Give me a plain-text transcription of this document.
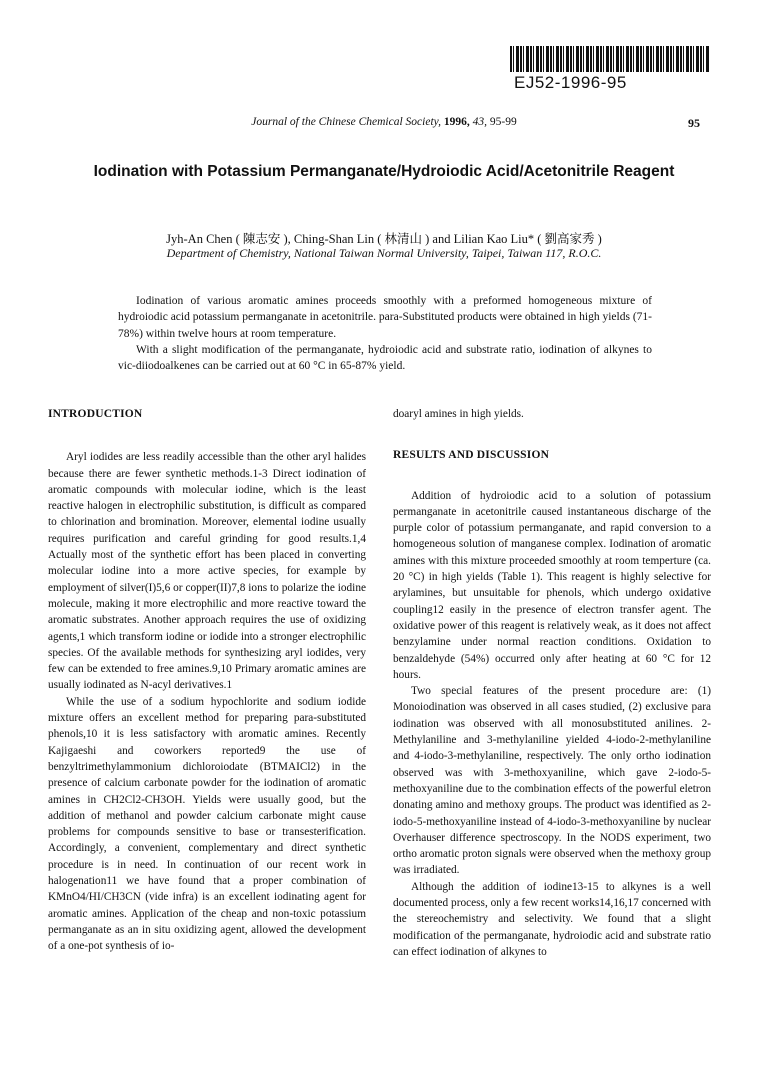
EJ52-1996-95
Journal of the Chinese Chemical Society, 1996, 43, 95-99	95
Iodination with Potassium Permanganate/Hydroiodic Acid/Acetonitrile Reagent
Jyh-An Chen ( 陳志安 ), Ching-Shan Lin ( 林清山 ) and Lilian Kao Liu* ( 劉高家秀 )
Department of Chemistry, National Taiwan Normal University, Taipei, Taiwan 117, R.O.C.

Iodination of various aromatic amines proceeds smoothly with a preformed homogeneous mixture of hydroiodic acid potassium permanganate in acetonitrile. para-Substituted products were obtained in high yields (71-78%) within twelve hours at room temperature.

With a slight modification of the permanganate, hydroiodic acid and substrate ratio, iodination of alkynes to vic-diiodoalkenes can be carried out at 60 °C in 65-87% yield.

INTRODUCTION

Aryl iodides are less readily accessible than the other aryl halides because there are fewer synthetic methods.1-3 Direct iodination of aromatic compounds with molecular iodine, which is the least reactive halogen in electrophilic substitution, is difficult as compared to chlorination and bromination. Moreover, elemental iodine usually requires purification and careful grinding for good results.1,4 Actually most of the synthetic effort has been placed in converting molecular iodine into a more active species, for example by employment of silver(I)5,6 or copper(II)7,8 ions to polarize the iodine molecule, making it more electrophilic and more reactive toward the aromatic substrates. Another approach requires the use of oxidizing agents,1 which transform iodine or iodide into a stronger electrophilic species. Of the available methods for synthesizing aryl iodides, very few can be extended to free amines.9,10 Primary aromatic amines are usually iodinated as N-acyl derivatives.1

While the use of a sodium hypochlorite and sodium iodide mixture offers an excellent method for preparing para-substituted phenols,10 it is less satisfactory with aromatic amines. Recently Kajigaeshi and coworkers reported9 the use of benzyltrimethylammonium dichloroiodate (BTMAICl2) in the presence of calcium carbonate powder for the iodination of aromatic amines in CH2Cl2-CH3OH. Yields were usually good, but the addition of methanol and powder calcium carbonate might cause problems for compounds sensitive to base or transesterification. Accordingly, a convenient, complementary and direct synthetic procedure is in need. In continuation of our recent work in halogenation11 we have found that a proper combination of KMnO4/HI/CH3CN (vide infra) is an excellent iodinating agent for aromatic amines. Application of the cheap and non-toxic potassium permanganate as an in situ oxidizing agent, allowed the development of a one-pot synthesis of io-

doaryl amines in high yields.

RESULTS AND DISCUSSION

Addition of hydroiodic acid to a solution of potassium permanganate in acetonitrile caused instantaneous discharge of the purple color of potassium permanganate, and rapid conversion to a homogeneous solution of manganese complex. Iodination of aromatic amines with this mixture proceeded smoothly at room temperture (ca. 20 °C) in high yields (Table 1). This reagent is highly selective for arylamines, but unsuitable for phenols, which undergo oxidative coupling12 easily in the presence of electron transfer agent. The oxidative power of this reagent is relatively weak, as it does not affect benzylamine under normal reaction conditions. Oxidation to benzaldehyde (54%) occurred only after heating at 60 °C for 12 hours.

Two special features of the present procedure are: (1) Monoiodination was observed in all cases studied, (2) exclusive para iodination was observed with all monosubstituted anilines. 2-Methylaniline and 3-methylaniline yielded 4-iodo-2-methylaniline and 4-iodo-3-methylaniline, respectively. The only ortho iodination observed was with 3-methoxyaniline, which gave 2-iodo-5-methoxyaniline due to the combination effects of the powerful eletron donating amino and methoxy groups. The product was identified as 2-iodo-5-methoxyaniline instead of 4-iodo-3-methoxyaniline by nuclear Overhauser difference spectroscopy. In the NODS experiment, two ortho aromatic proton signals were observed when the methoxy group was irradiated.

Although the addition of iodine13-15 to alkynes is a well documented process, only a few recent works14,16,17 concerned with the stereochemistry and selectivity. We found that a slight modification of the permanganate, hydroiodic acid and substrate ratio can effect iodination of alkynes to
